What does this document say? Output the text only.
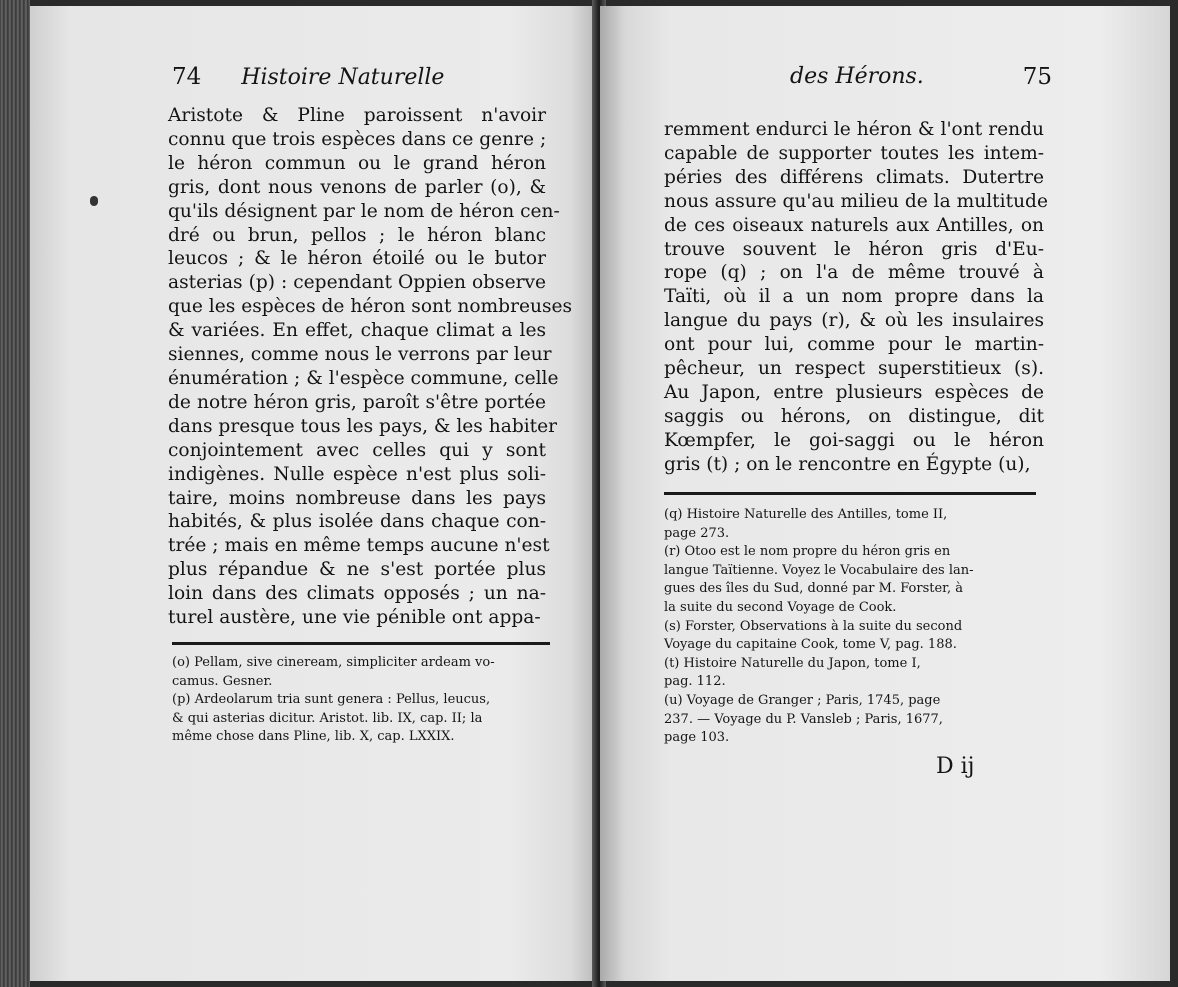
74 Histoire Naturelle
Aristote & Pline paroissent n'avoir
connu que trois espèces dans ce genre ;
le héron commun ou le grand héron
gris, dont nous venons de parler (o), &
qu'ils désignent par le nom de héron cen-
dré ou brun, pellos ; le héron blanc
leucos ; & le héron étoilé ou le butor
asterias (p) : cependant Oppien observe
que les espèces de héron sont nombreuses
& variées. En effet, chaque climat a les
siennes, comme nous le verrons par leur
énumération ; & l'espèce commune, celle
de notre héron gris, paroît s'être portée
dans presque tous les pays, & les habiter
conjointement avec celles qui y sont
indigènes. Nulle espèce n'est plus soli-
taire, moins nombreuse dans les pays
habités, & plus isolée dans chaque con-
trée ; mais en même temps aucune n'est
plus répandue & ne s'est portée plus
loin dans des climats opposés ; un na-
turel austère, une vie pénible ont appa-
(o) Pellam, sive cineream, simpliciter ardeam vo-
camus. Gesner.
(p) Ardeolarum tria sunt genera : Pellus, leucus,
& qui asterias dicitur. Aristot. lib. IX, cap. II; la
même chose dans Pline, lib. X, cap. LXXIX.
des Hérons.	75
remment endurci le héron & l'ont rendu
capable de supporter toutes les intem-
péries des différens climats. Dutertre
nous assure qu'au milieu de la multitude
de ces oiseaux naturels aux Antilles, on
trouve souvent le héron gris d'Eu-
rope (q) ; on l'a de même trouvé à
Taïti, où il a un nom propre dans la
langue du pays (r), & où les insulaires
ont pour lui, comme pour le martin-
pêcheur, un respect superstitieux (s).
Au Japon, entre plusieurs espèces de
saggis ou hérons, on distingue, dit
Kœmpfer, le goi-saggi ou le héron
gris (t) ; on le rencontre en Égypte (u),
(q) Histoire Naturelle des Antilles, tome II,
page 273.
(r) Otoo est le nom propre du héron gris en
langue Taïtienne. Voyez le Vocabulaire des lan-
gues des îles du Sud, donné par M. Forster, à
la suite du second Voyage de Cook.
(s) Forster, Observations à la suite du second
Voyage du capitaine Cook, tome V, pag. 188.
(t) Histoire Naturelle du Japon, tome I,
pag. 112.
(u) Voyage de Granger ; Paris, 1745, page
237. — Voyage du P. Vansleb ; Paris, 1677,
page 103.
D ij
